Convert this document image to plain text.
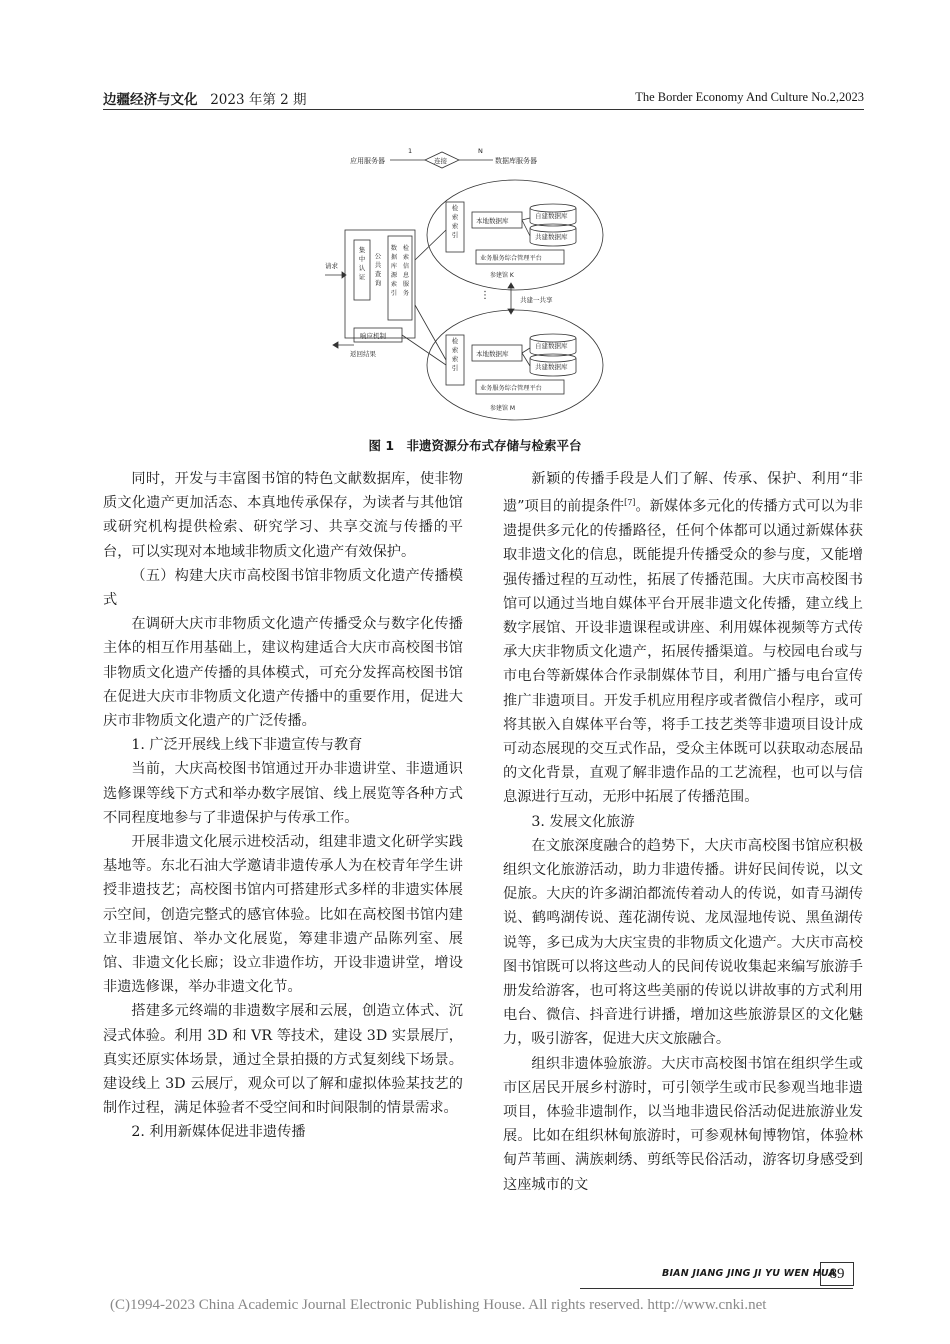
边疆经济与文化 2023 年第 2 期	The Border Economy And Culture No.2,2023
应用服务器
1	N
连接	数据库服务器
检索索引
本地数据库
自建数据库
共建数据库
业务服务综合管理平台
参建馆 K
⋮	共建一共享
检索索引
本地数据库
自建数据库
共建数据库
业务服务综合管理平台
参建馆 M
集中认证
公共查询
数据库源索引
检索信息服务
响应机制
请求
返回结果
图 1　非遗资源分布式存储与检索平台

同时，开发与丰富图书馆的特色文献数据库，使非物质文化遗产更加活态、本真地传承保存，为读者与其他馆或研究机构提供检索、研究学习、共享交流与传播的平台，可以实现对本地域非物质文化遗产有效保护。

（五）构建大庆市高校图书馆非物质文化遗产传播模式

在调研大庆市非物质文化遗产传播受众与数字化传播主体的相互作用基础上，建议构建适合大庆市高校图书馆非物质文化遗产传播的具体模式，可充分发挥高校图书馆在促进大庆市非物质文化遗产传播中的重要作用，促进大庆市非物质文化遗产的广泛传播。

1. 广泛开展线上线下非遗宣传与教育

当前，大庆高校图书馆通过开办非遗讲堂、非遗通识选修课等线下方式和举办数字展馆、线上展览等各种方式不同程度地参与了非遗保护与传承工作。

开展非遗文化展示进校活动，组建非遗文化研学实践基地等。东北石油大学邀请非遗传承人为在校青年学生讲授非遗技艺；高校图书馆内可搭建形式多样的非遗实体展示空间，创造完整式的感官体验。比如在高校图书馆内建立非遗展馆、举办文化展览，筹建非遗产品陈列室、展馆、非遗文化长廊；设立非遗作坊，开设非遗讲堂，增设非遗选修课，举办非遗文化节。

搭建多元终端的非遗数字展和云展，创造立体式、沉浸式体验。利用 3D 和 VR 等技术，建设 3D 实景展厅，真实还原实体场景，通过全景拍摄的方式复刻线下场景。建设线上 3D 云展厅，观众可以了解和虚拟体验某技艺的制作过程，满足体验者不受空间和时间限制的情景需求。

2. 利用新媒体促进非遗传播

新颖的传播手段是人们了解、传承、保护、利用“非遗”项目的前提条件[7]。新媒体多元化的传播方式可以为非遗提供多元化的传播路径，任何个体都可以通过新媒体获取非遗文化的信息，既能提升传播受众的参与度，又能增强传播过程的互动性，拓展了传播范围。大庆市高校图书馆可以通过当地自媒体平台开展非遗文化传播，建立线上数字展馆、开设非遗课程或讲座、利用媒体视频等方式传承大庆非物质文化遗产，拓展传播渠道。与校园电台或与市电台等新媒体合作录制媒体节目，利用广播与电台宣传推广非遗项目。开发手机应用程序或者微信小程序，或可将其嵌入自媒体平台等，将手工技艺类等非遗项目设计成可动态展现的交互式作品，受众主体既可以获取动态展品的文化背景，直观了解非遗作品的工艺流程，也可以与信息源进行互动，无形中拓展了传播范围。

3. 发展文化旅游

在文旅深度融合的趋势下，大庆市高校图书馆应积极组织文化旅游活动，助力非遗传播。讲好民间传说，以文促旅。大庆的许多湖泊都流传着动人的传说，如青马湖传说、鹤鸣湖传说、莲花湖传说、龙凤湿地传说、黑鱼湖传说等，多已成为大庆宝贵的非物质文化遗产。大庆市高校图书馆既可以将这些动人的民间传说收集起来编写旅游手册发给游客，也可将这些美丽的传说以讲故事的方式利用电台、微信、抖音进行讲播，增加这些旅游景区的文化魅力，吸引游客，促进大庆文旅融合。

组织非遗体验旅游。大庆市高校图书馆在组织学生或市区居民开展乡村游时，可引领学生或市民参观当地非遗项目，体验非遗制作，以当地非遗民俗活动促进旅游业发展。比如在组织林甸旅游时，可参观林甸博物馆，体验林甸芦苇画、满族刺绣、剪纸等民俗活动，游客切身感受到这座城市的文

BIAN JIANG JING JI YU WEN HUA
89
(C)1994-2023 China Academic Journal Electronic Publishing House. All rights reserved. http://www.cnki.net
